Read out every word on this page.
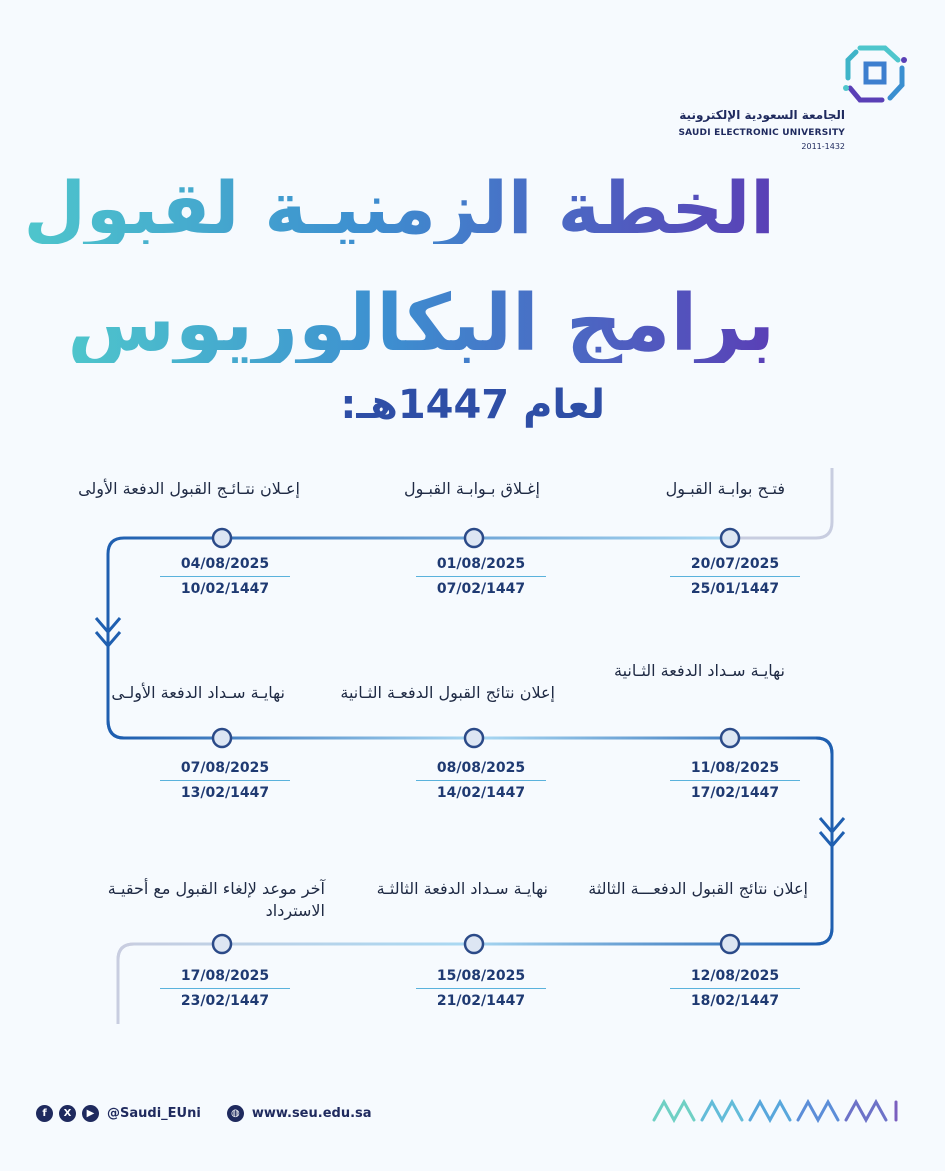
الجامعة السعودية الإلكترونية
SAUDI ELECTRONIC UNIVERSITY
2011-1432
الخطة الزمنيـة لقبول
برامج البكالوريوس
لعام 1447هـ:
فتـح بوابـة القبـول
20/07/2025
25/01/1447
إغـلاق بـوابـة القبـول
01/08/2025
07/02/1447
إعـلان نتـائـج القبول الدفعة الأولى
04/08/2025
10/02/1447
نهايـة سـداد الدفعة الثـانية
11/08/2025
17/02/1447
إعلان نتائج القبول الدفعـة الثـانية
08/08/2025
14/02/1447
نهايـة سـداد الدفعة الأولـى
07/08/2025
13/02/1447
إعلان نتائج القبول الدفعـــة الثالثة
12/08/2025
18/02/1447
نهايـة سـداد الدفعة الثالثـة
15/08/2025
21/02/1447
آخر موعد لإلغاء القبول مع أحقيـة الاسترداد
17/08/2025
23/02/1447
f	X	▶ @Saudi_EUni	◍ www.seu.edu.sa
